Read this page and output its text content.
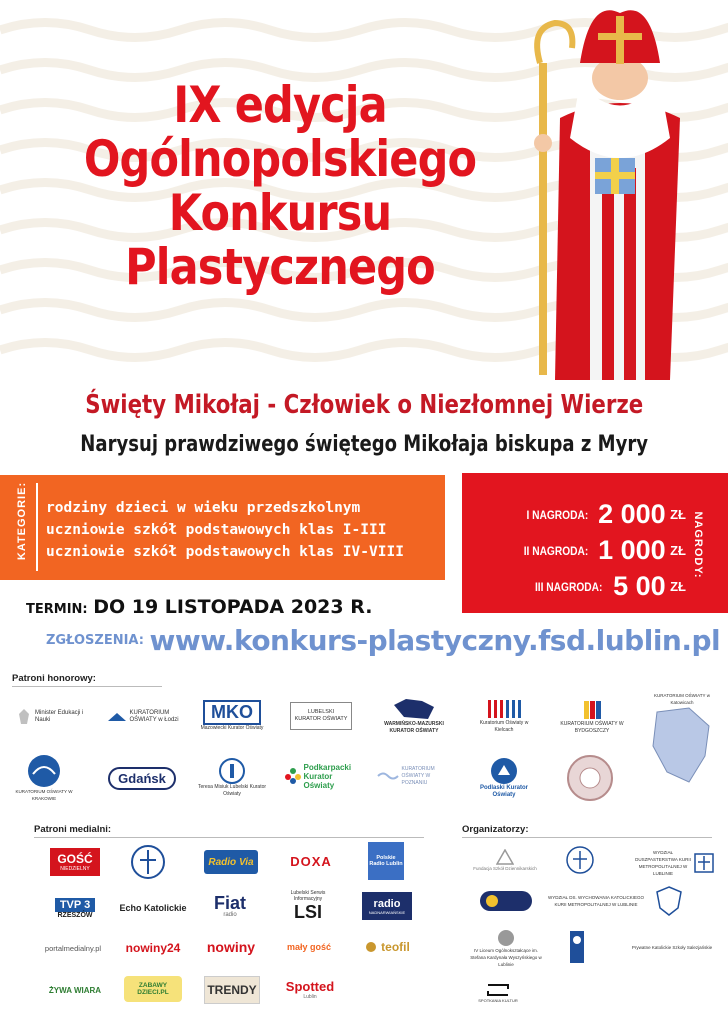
IX edycja
Ogólnopolskiego
Konkursu
Plastycznego
Święty Mikołaj - Człowiek o Niezłomnej Wierze
Narysuj prawdziwego świętego Mikołaja biskupa z Myry
KATEGORIE: rodziny dzieci w wieku przedszkolnym
uczniowie szkół podstawowych klas I-III
uczniowie szkół podstawowych klas IV-VIII
I NAGRODA: 2 000 ZŁ
II NAGRODA: 1 000 ZŁ
III NAGRODA: 5 00 ZŁ
NAGRODY:
TERMIN: DO 19 LISTOPADA 2023 R.
ZGŁOSZENIA: www.konkurs-plastyczny.fsd.lublin.pl
Patroni honorowy:
Minister Edukacji i Nauki
KURATORIUM OŚWIATY w Łodzi	MKO
Mazowiecki Kurator Oświaty
LUBELSKI KURATOR OŚWIATY
WARMIŃSKO-MAZURSKI KURATOR OŚWIATY
Kuratorium Oświaty w Kielcach
KURATORIUM OŚWIATY W BYDGOSZCZY
KURATORIUM OŚWIATY w Katowicach
KURATORIUM OŚWIATY W KRAKOWIE
Gdańsk
Teresa Misiuk Lubelski Kurator Oświaty
Podkarpacki Kurator Oświaty
KURATORIUM OŚWIATY W POZNANIU
Podlaski Kurator Oświaty
Patroni medialni:
GOŚĆ
NIEDZIELNY
Radio Via	DOXA	Polskie Radio Lublin
TVP 3
RZESZÓW
Echo Katolickie Fiat
radio
Lubelski Serwis Informacyjny
LSI	radio
NADNARWIAŃSKIE
portalmedialny.pl nowiny24 nowiny	mały gość	teofil
ŻYWA WIARA	ZABAWY DZIECI.PL	TRENDY Spotted
Lublin
Organizatorzy:
Fundacja Szkół Dziennikarskich
WYDZIAŁ DUSZPASTERSTWA KURII METROPOLITALNEJ W LUBLINIE
WYDZIAŁ DS. WYCHOWANIA KATOLICKIEGO KURII METROPOLITALNEJ W LUBLINIE
IV Liceum Ogólnokształcące im. Stefana Kardynała Wyszyńskiego w Lublinie
Prywatne Katolickie Szkoły Salezjańskie
SPOTKANIA KULTUR
